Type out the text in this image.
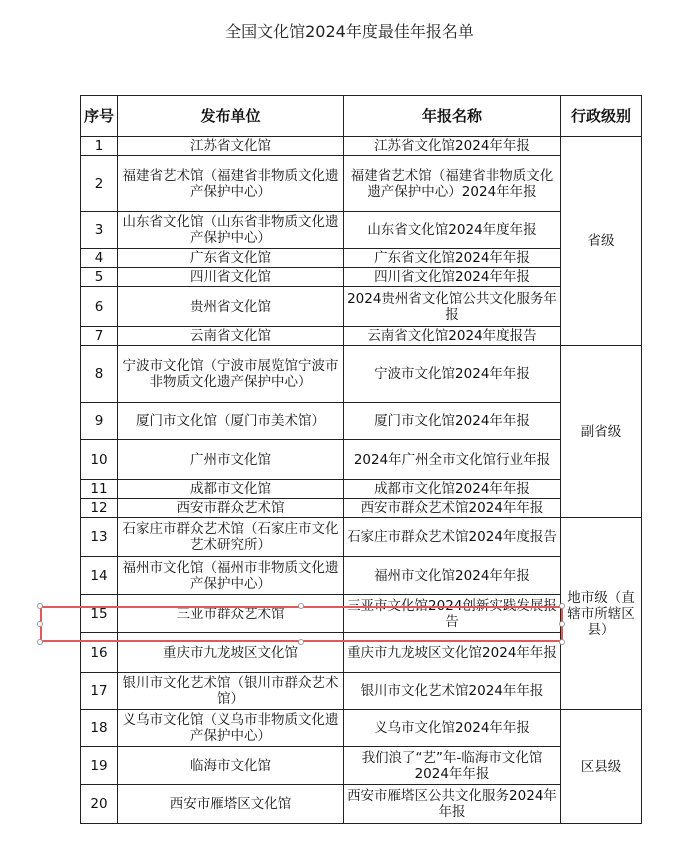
全国文化馆2024年度最佳年报名单
序号	发布单位	年报名称	行政级别
1	江苏省文化馆	江苏省文化馆2024年年报	省级
2	福建省艺术馆（福建省非物质文化遗产保护中心）	福建省艺术馆（福建省非物质文化遗产保护中心）2024年年报	
3	山东省文化馆（山东省非物质文化遗产保护中心）	山东省文化馆2024年度年报	
4	广东省文化馆	广东省文化馆2024年年报	
5	四川省文化馆	四川省文化馆2024年年报	
6	贵州省文化馆	2024贵州省文化馆公共文化服务年报	
7	云南省文化馆	云南省文化馆2024年度报告	
8	宁波市文化馆（宁波市展览馆宁波市非物质文化遗产保护中心）	宁波市文化馆2024年年报	副省级
9	厦门市文化馆（厦门市美术馆）	厦门市文化馆2024年年报	
10	广州市文化馆	2024年广州全市文化馆行业年报	
11	成都市文化馆	成都市文化馆2024年年报	
12	西安市群众艺术馆	西安市群众艺术馆2024年年报	
13	石家庄市群众艺术馆（石家庄市文化艺术研究所）	石家庄市群众艺术馆2024年度报告	地市级（直辖市所辖区县）
14	福州市文化馆（福州市非物质文化遗产保护中心）	福州市文化馆2024年年报	
15	三亚市群众艺术馆	三亚市文化馆2024创新实践发展报告	
16	重庆市九龙坡区文化馆	重庆市九龙坡区文化馆2024年年报	
17	银川市文化艺术馆（银川市群众艺术馆）	银川市文化艺术馆2024年年报	
18	义乌市文化馆（义乌市非物质文化遗产保护中心）	义乌市文化馆2024年年报	区县级
19	临海市文化馆	我们浪了“艺”年-临海市文化馆2024年年报	
20	西安市雁塔区文化馆	西安市雁塔区公共文化服务2024年年报	
